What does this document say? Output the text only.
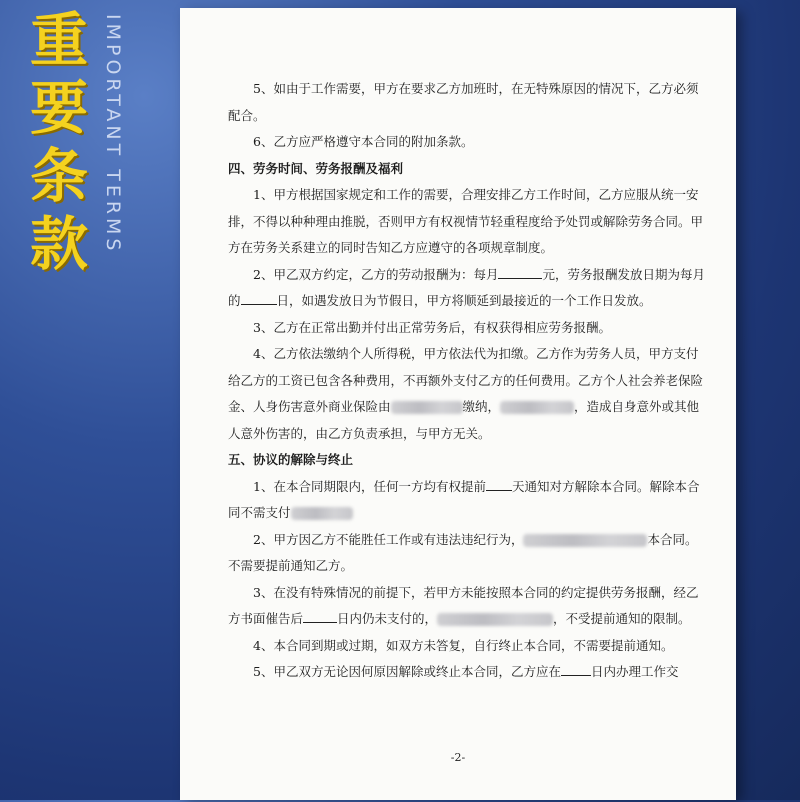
重
要
条
款 IMPORTANT TERMS	5、如由于工作需要，甲方在要求乙方加班时，在无特殊原因的情况下，乙方必须配合。

6、乙方应严格遵守本合同的附加条款。

四、劳务时间、劳务报酬及福利

1、甲方根据国家规定和工作的需要，合理安排乙方工作时间，乙方应服从统一安排，不得以种种理由推脱，否则甲方有权视情节轻重程度给予处罚或解除劳务合同。甲方在劳务关系建立的同时告知乙方应遵守的各项规章制度。

2、甲乙双方约定，乙方的劳动报酬为：每月	元，劳务报酬发放日期为每月的	日，如遇发放日为节假日，甲方将顺延到最接近的一个工作日发放。

3、乙方在正常出勤并付出正常劳务后，有权获得相应劳务报酬。

4、乙方依法缴纳个人所得税，甲方依法代为扣缴。乙方作为劳务人员，甲方支付给乙方的工资已包含各种费用，不再额外支付乙方的任何费用。乙方个人社会养老保险金、人身伤害意外商业保险由	缴纳，	，造成自身意外或其他人意外伤害的，由乙方负责承担，与甲方无关。

五、协议的解除与终止

1、在本合同期限内，任何一方均有权提前 天通知对方解除本合同。解除本合同不需支付

2、甲方因乙方不能胜任工作或有违法违纪行为，	本合同。不需要提前通知乙方。

3、在没有特殊情况的前提下，若甲方未能按照本合同的约定提供劳务报酬，经乙方书面催告后	日内仍未支付的，	，不受提前通知的限制。

4、本合同到期或过期，如双方未答复，自行终止本合同，不需要提前通知。

5、甲乙双方无论因何原因解除或终止本合同，乙方应在 日内办理工作交

-2-
